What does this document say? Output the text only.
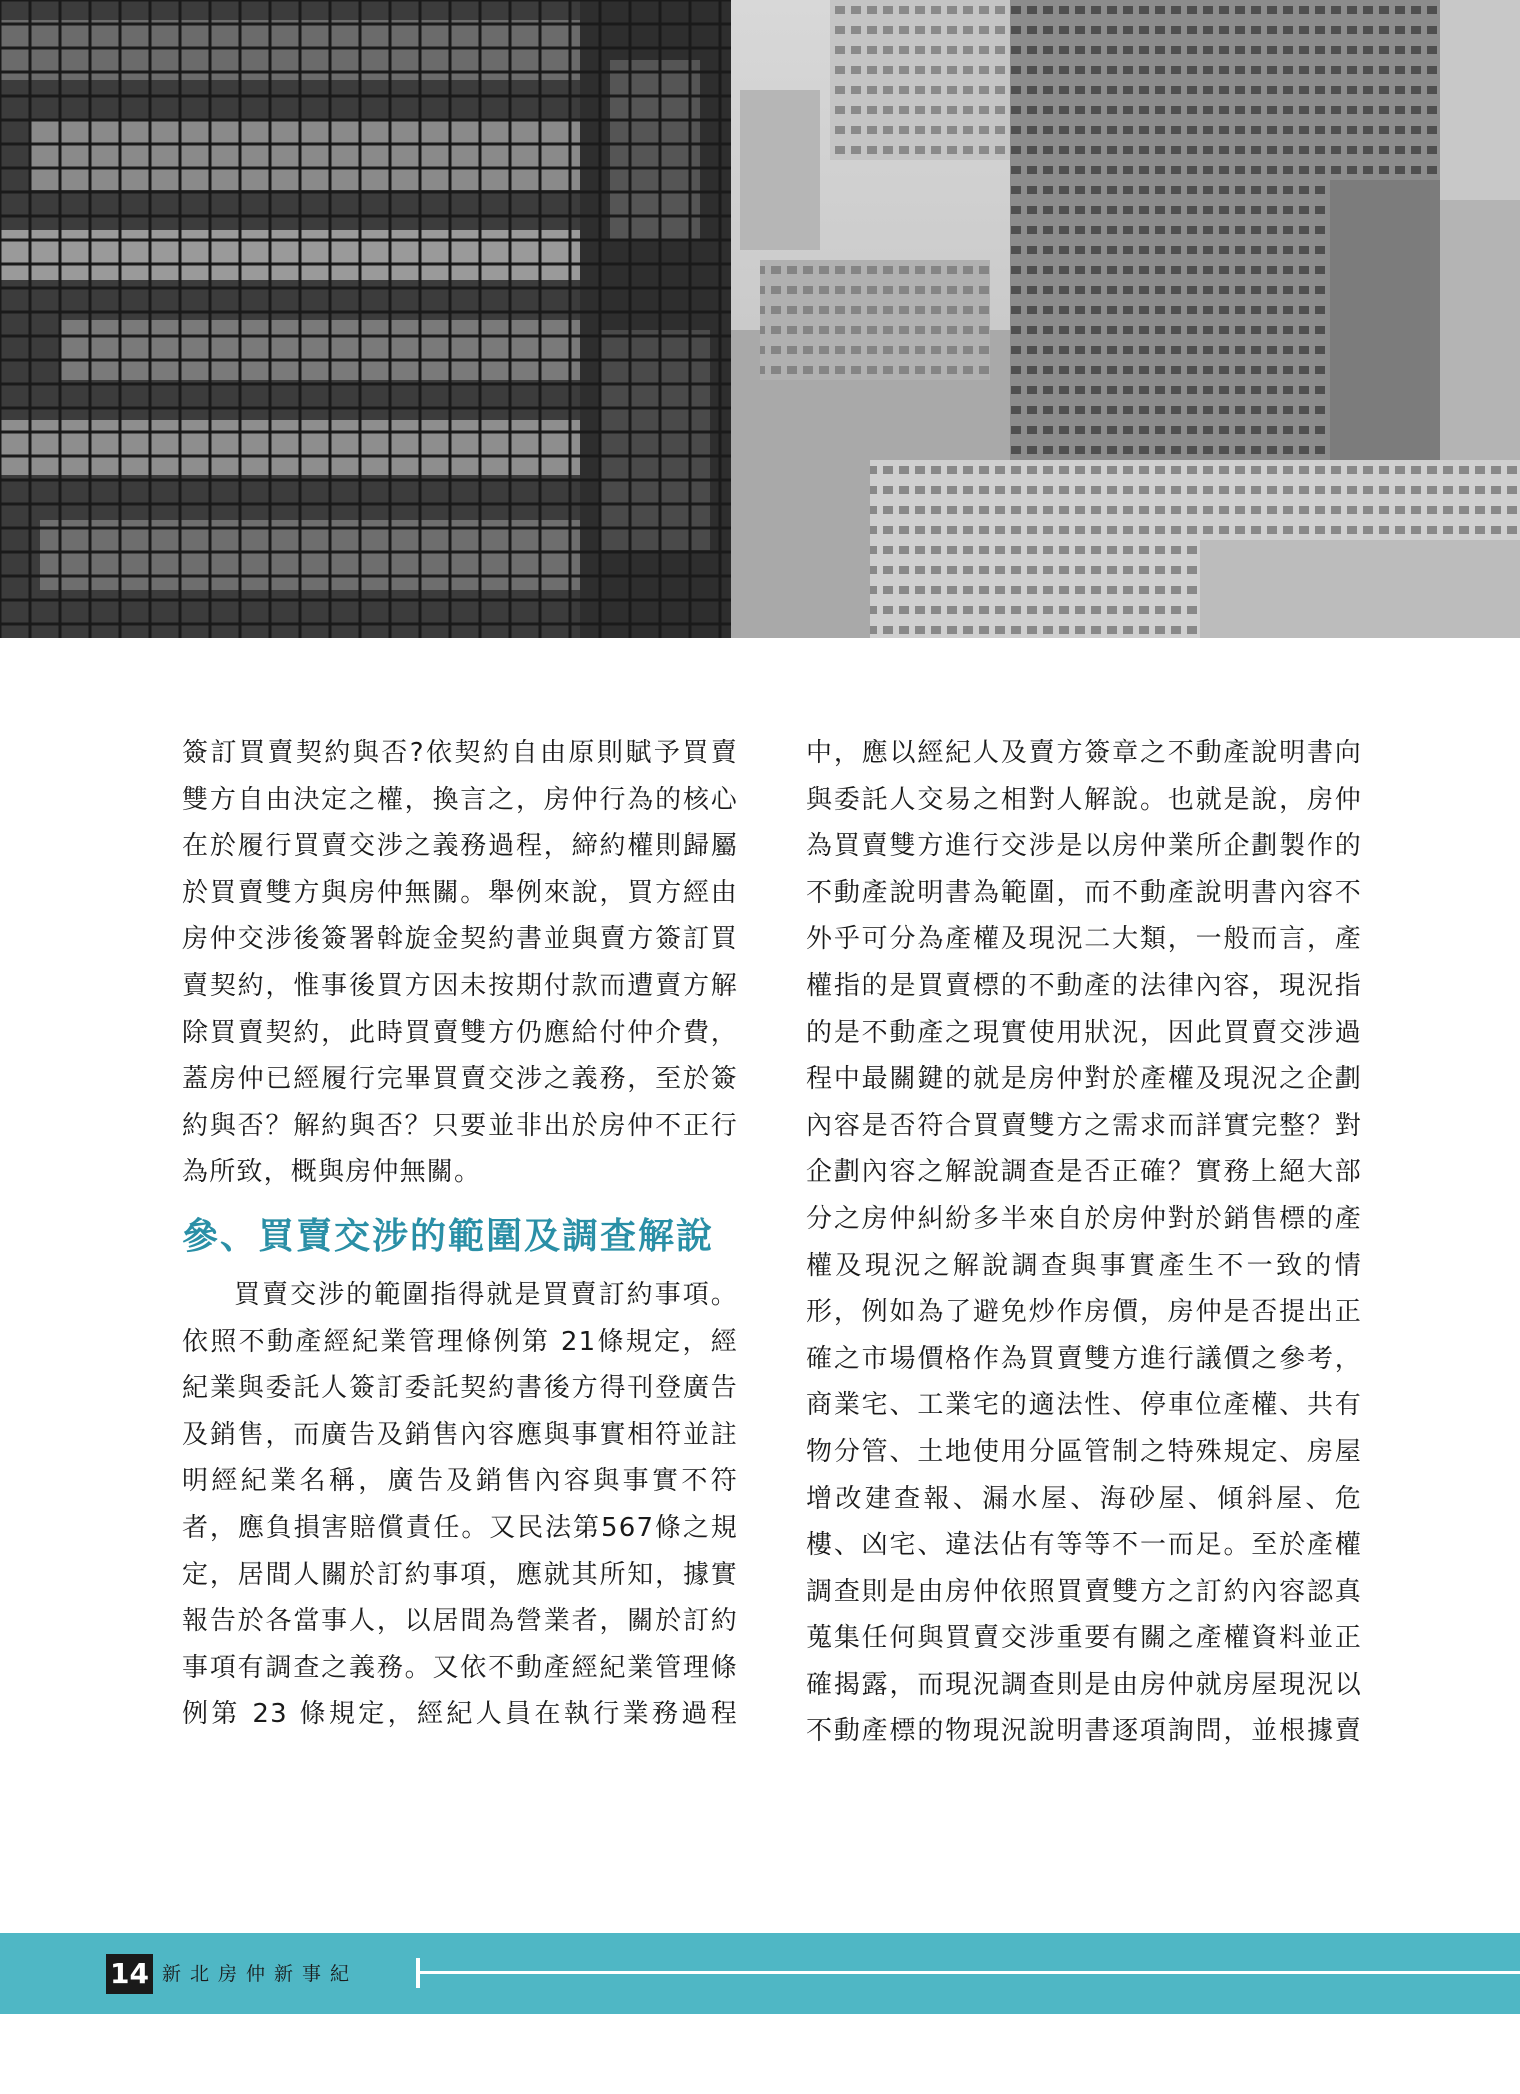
簽訂買賣契約與否?依契約自由原則賦予買賣
雙方自由決定之權，換言之，房仲行為的核心
在於履行買賣交涉之義務過程，締約權則歸屬
於買賣雙方與房仲無關。舉例來說，買方經由
房仲交涉後簽署斡旋金契約書並與賣方簽訂買
賣契約，惟事後買方因未按期付款而遭賣方解
除買賣契約，此時買賣雙方仍應給付仲介費，
蓋房仲已經履行完畢買賣交涉之義務，至於簽
約與否？解約與否？只要並非出於房仲不正行
為所致，概與房仲無關。
參、買賣交涉的範圍及調查解說
買賣交涉的範圍指得就是買賣訂約事項。
依照不動產經紀業管理條例第 21條規定，經
紀業與委託人簽訂委託契約書後方得刊登廣告
及銷售，而廣告及銷售內容應與事實相符並註
明經紀業名稱，廣告及銷售內容與事實不符
者，應負損害賠償責任。又民法第567條之規
定，居間人關於訂約事項，應就其所知，據實
報告於各當事人，以居間為營業者，關於訂約
事項有調查之義務。又依不動產經紀業管理條
例第 23 條規定，經紀人員在執行業務過程
中，應以經紀人及賣方簽章之不動產說明書向
與委託人交易之相對人解說。也就是說，房仲
為買賣雙方進行交涉是以房仲業所企劃製作的
不動產說明書為範圍，而不動產說明書內容不
外乎可分為產權及現況二大類，一般而言，產
權指的是買賣標的不動產的法律內容，現況指
的是不動產之現實使用狀況，因此買賣交涉過
程中最關鍵的就是房仲對於產權及現況之企劃
內容是否符合買賣雙方之需求而詳實完整？對
企劃內容之解說調查是否正確？實務上絕大部
分之房仲糾紛多半來自於房仲對於銷售標的產
權及現況之解說調查與事實產生不一致的情
形，例如為了避免炒作房價，房仲是否提出正
確之市場價格作為買賣雙方進行議價之參考，
商業宅、工業宅的適法性、停車位產權、共有
物分管、土地使用分區管制之特殊規定、房屋
增改建查報、漏水屋、海砂屋、傾斜屋、危
樓、凶宅、違法佔有等等不一而足。至於產權
調查則是由房仲依照買賣雙方之訂約內容認真
蒐集任何與買賣交涉重要有關之產權資料並正
確揭露，而現況調查則是由房仲就房屋現況以
不動產標的物現況說明書逐項詢問，並根據賣
14 新北房仲新事紀
